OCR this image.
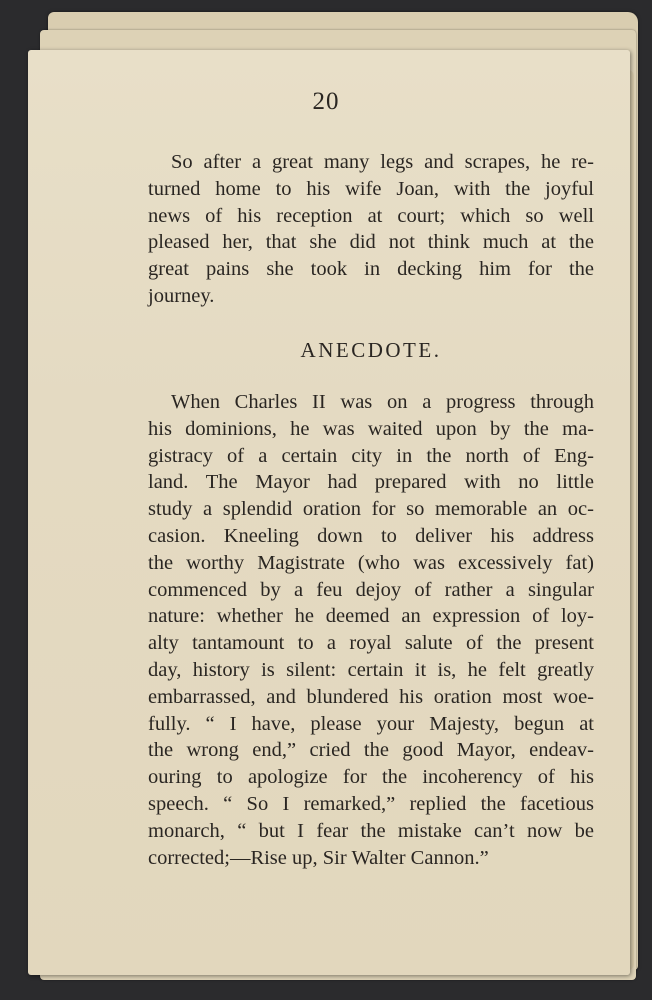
20
So after a great many legs and scrapes, he re-
turned home to his wife Joan, with the joyful
news of his reception at court; which so well
pleased her, that she did not think much at the
great pains she took in decking him for the
journey.
ANECDOTE.
When Charles II was on a progress through
his dominions, he was waited upon by the ma-
gistracy of a certain city in the north of Eng-
land. The Mayor had prepared with no little
study a splendid oration for so memorable an oc-
casion. Kneeling down to deliver his address
the worthy Magistrate (who was excessively fat)
commenced by a feu dejoy of rather a singular
nature: whether he deemed an expression of loy-
alty tantamount to a royal salute of the present
day, history is silent: certain it is, he felt greatly
embarrassed, and blundered his oration most woe-
fully. “ I have, please your Majesty, begun at
the wrong end,” cried the good Mayor, endeav-
ouring to apologize for the incoherency of his
speech. “ So I remarked,” replied the facetious
monarch, “ but I fear the mistake can’t now be
corrected;—Rise up, Sir Walter Cannon.”
